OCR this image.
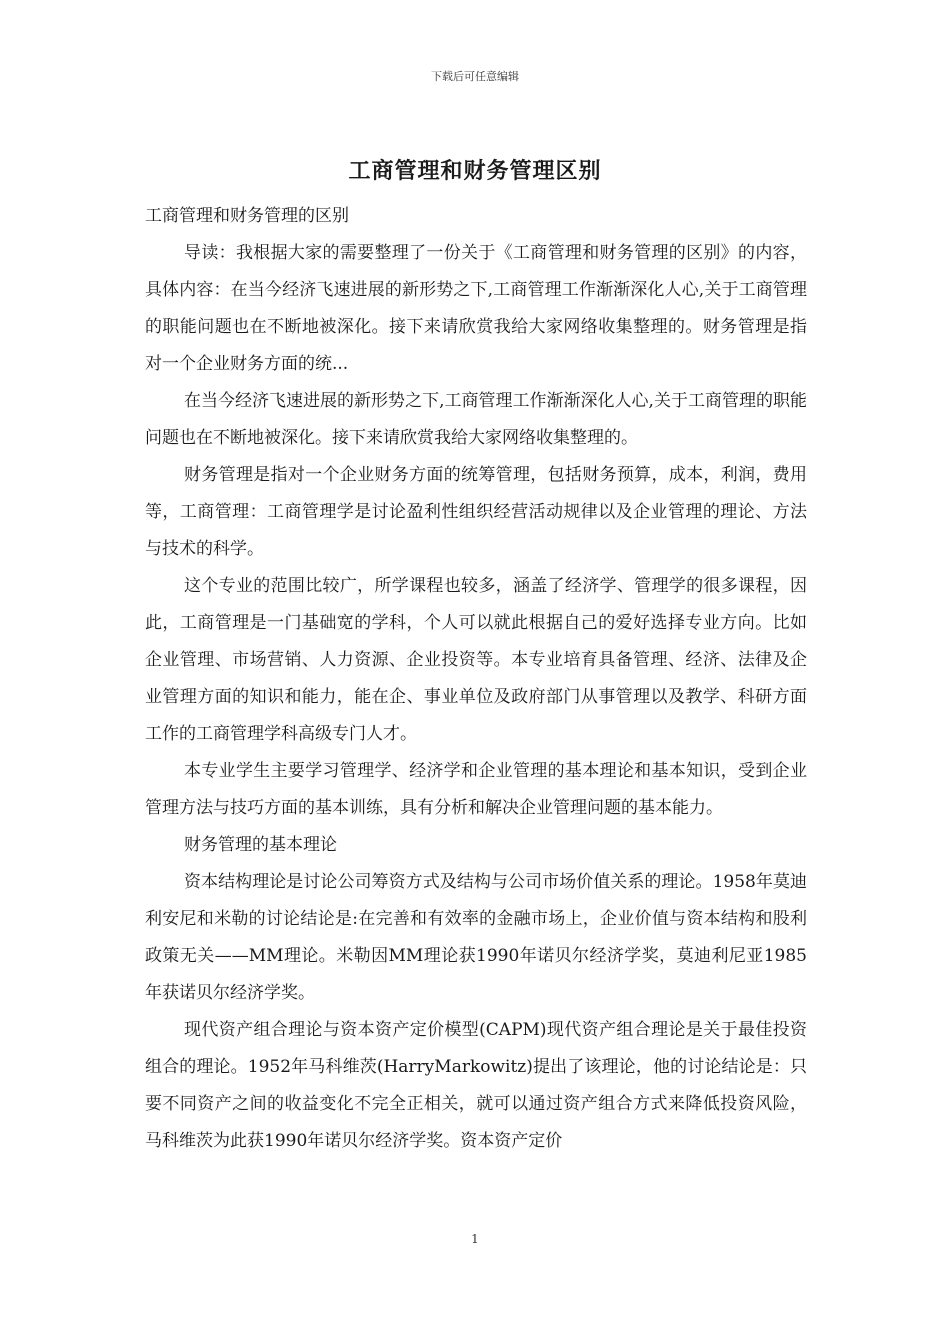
下载后可任意编辑
工商管理和财务管理区别

工商管理和财务管理的区别

导读：我根据大家的需要整理了一份关于《工商管理和财务管理的区别》的内容，具体内容：在当今经济飞速进展的新形势之下,工商管理工作渐渐深化人心,关于工商管理的职能问题也在不断地被深化。接下来请欣赏我给大家网络收集整理的。财务管理是指对一个企业财务方面的统...

在当今经济飞速进展的新形势之下,工商管理工作渐渐深化人心,关于工商管理的职能问题也在不断地被深化。接下来请欣赏我给大家网络收集整理的。

财务管理是指对一个企业财务方面的统筹管理，包括财务预算，成本，利润，费用等，工商管理：工商管理学是讨论盈利性组织经营活动规律以及企业管理的理论、方法与技术的科学。

这个专业的范围比较广，所学课程也较多，涵盖了经济学、管理学的很多课程，因此，工商管理是一门基础宽的学科，个人可以就此根据自己的爱好选择专业方向。比如企业管理、市场营销、人力资源、企业投资等。本专业培育具备管理、经济、法律及企业管理方面的知识和能力，能在企、事业单位及政府部门从事管理以及教学、科研方面工作的工商管理学科高级专门人才。

本专业学生主要学习管理学、经济学和企业管理的基本理论和基本知识，受到企业管理方法与技巧方面的基本训练，具有分析和解决企业管理问题的基本能力。

财务管理的基本理论

资本结构理论是讨论公司筹资方式及结构与公司市场价值关系的理论。1958年莫迪利安尼和米勒的讨论结论是:在完善和有效率的金融市场上，企业价值与资本结构和股利政策无关——MM理论。米勒因MM理论获1990年诺贝尔经济学奖，莫迪利尼亚1985年获诺贝尔经济学奖。

现代资产组合理论与资本资产定价模型(CAPM)现代资产组合理论是关于最佳投资组合的理论。1952年马科维茨(HarryMarkowitz)提出了该理论，他的讨论结论是：只要不同资产之间的收益变化不完全正相关，就可以通过资产组合方式来降低投资风险，马科维茨为此获1990年诺贝尔经济学奖。资本资产定价

1
